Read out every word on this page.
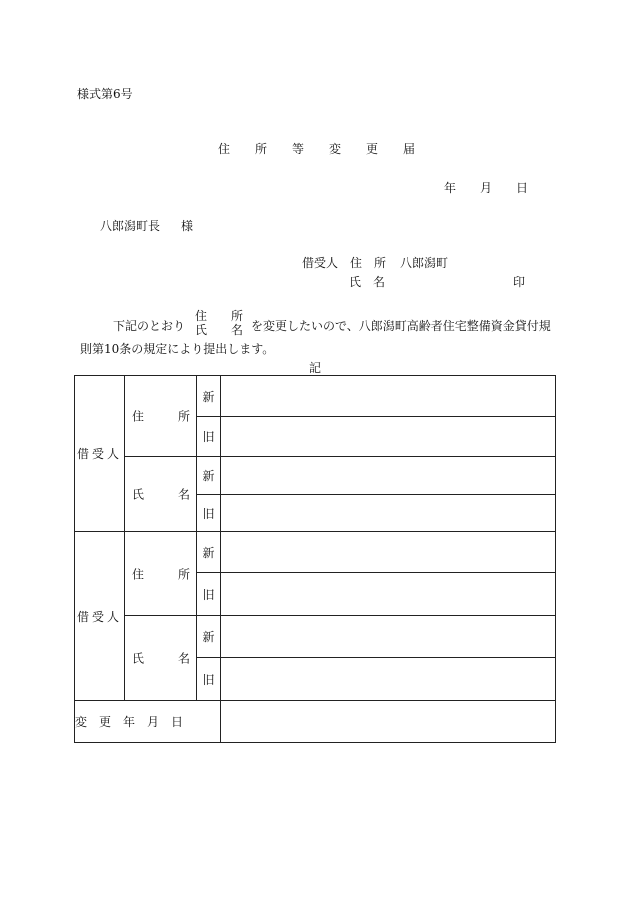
様式第6号
住 所 等 変 更 届
年 月 日
八郎潟町長 様
借受人 住 所 八郎潟町
氏 名	印
下記のとおり
住 所
氏 名 を変更したいので、八郎潟町高齢者住宅整備資金貸付規
則第10条の規定により提出します。
記
借受人	住 所	新	
		旧	

	氏 名	新	
		旧	
借受人	住 所	新	
		旧	

	氏 名	新	
		旧	
変 更 年 月 日			
